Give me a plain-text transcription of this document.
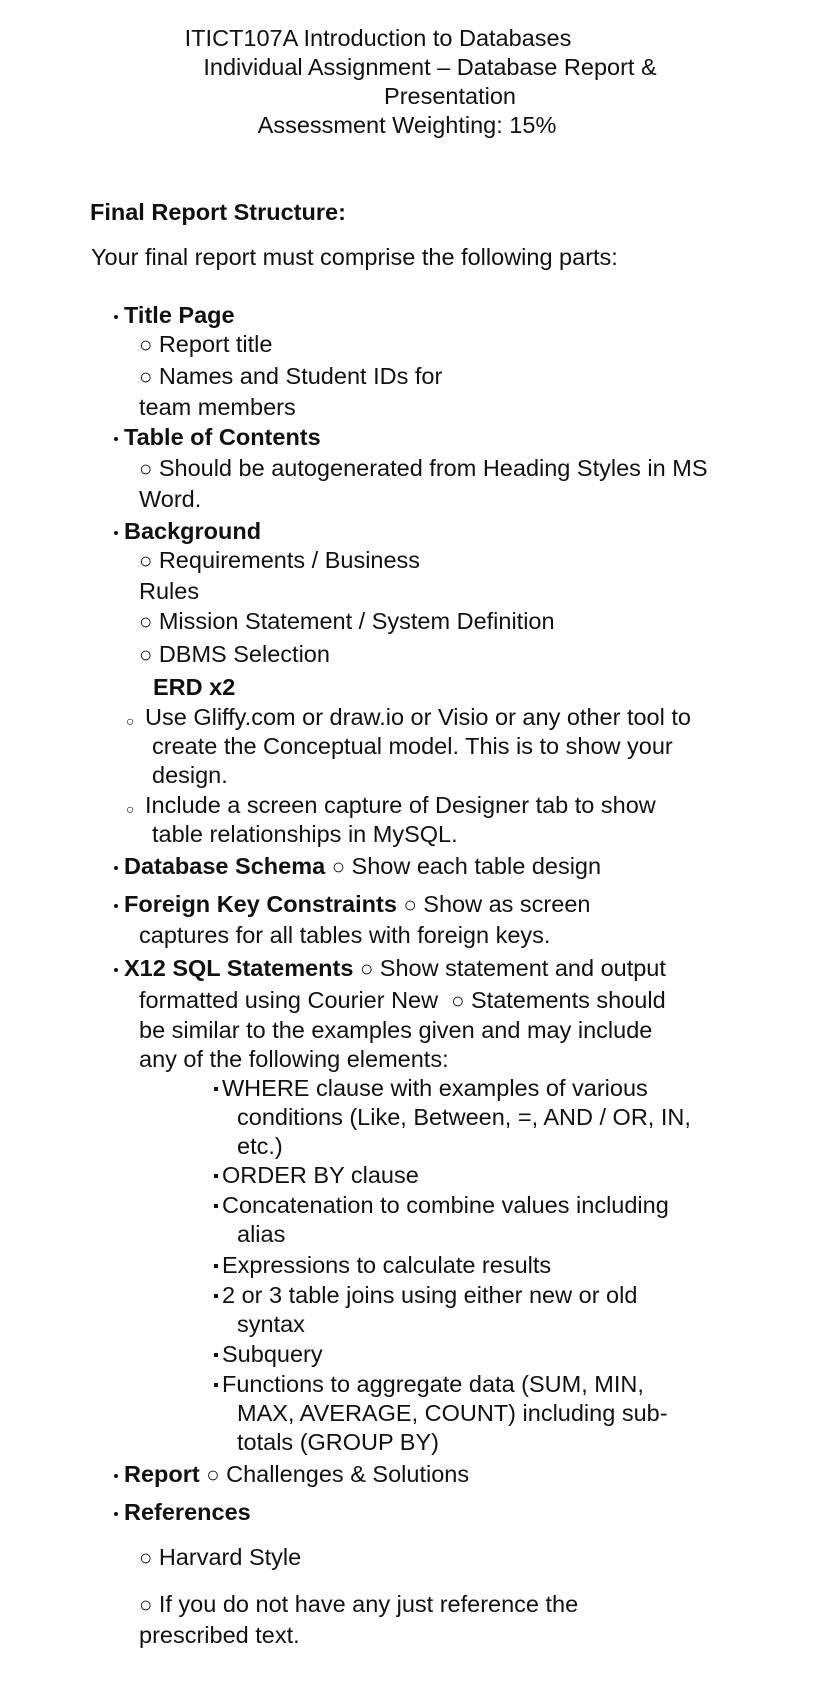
ITICT107A Introduction to Databases
Individual Assignment – Database Report &
Presentation
Assessment Weighting: 15%
Final Report Structure:
Your final report must comprise the following parts:
Title Page
○ Report title
○ Names and Student IDs for
team members
Table of Contents
○ Should be autogenerated from Heading Styles in MS
Word.
Background
○ Requirements / Business
Rules
○ Mission Statement / System Definition
○ DBMS Selection
ERD x2
○ Use Gliffy.com or draw.io or Visio or any other tool to
create the Conceptual model. This is to show your
design.
○ Include a screen capture of Designer tab to show
table relationships in MySQL.
Database Schema ○ Show each table design
Foreign Key Constraints ○ Show as screen
captures for all tables with foreign keys.
X12 SQL Statements ○ Show statement and output
formatted using Courier New ○ Statements should
be similar to the examples given and may include
any of the following elements:
WHERE clause with examples of various
conditions (Like, Between, =, AND / OR, IN,
etc.)
ORDER BY clause
Concatenation to combine values including
alias
Expressions to calculate results
2 or 3 table joins using either new or old
syntax
Subquery
Functions to aggregate data (SUM, MIN,
MAX, AVERAGE, COUNT) including sub-
totals (GROUP BY)
Report ○ Challenges & Solutions
References
○ Harvard Style
○ If you do not have any just reference the
prescribed text.
